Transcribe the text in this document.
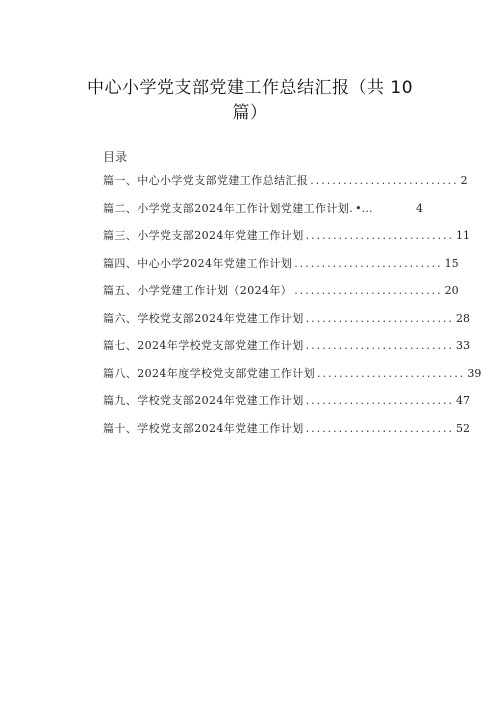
中心小学党支部党建工作总结汇报（共 10
篇）
目录
篇一、中心小学党支部党建工作总结汇报 ........................... 2
篇二、小学党支部2024年工作计划党建工作计划. •…	4
篇三、小学党支部2024年党建工作计划 ........................... 11
篇四、中心小学2024年党建工作计划 ........................... 15
篇五、小学党建工作计划（2024年） ........................... 20
篇六、学校党支部2024年党建工作计划 ........................... 28
篇七、2024年学校党支部党建工作计划 ........................... 33
篇八、2024年度学校党支部党建工作计划 ........................... 39
篇九、学校党支部2024年党建工作计划 ........................... 47
篇十、学校党支部2024年党建工作计划 ........................... 52
